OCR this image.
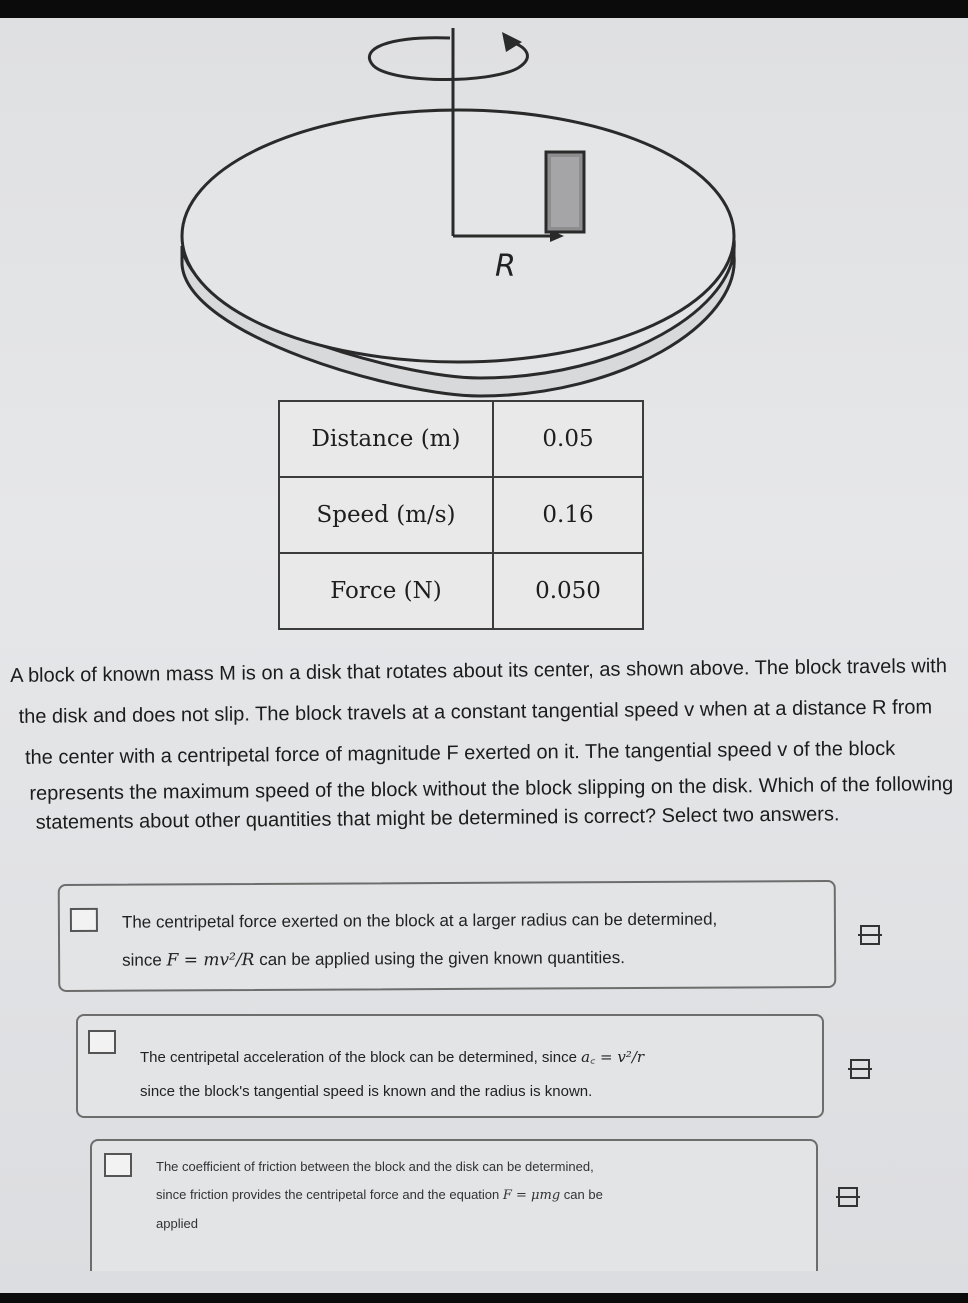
R
Distance (m)	0.05
Speed (m/s)	0.16
Force (N)	0.050

A block of known mass M is on a disk that rotates about its center, as shown above. The block travels with

the disk and does not slip. The block travels at a constant tangential speed v when at a distance R from

the center with a centripetal force of magnitude F exerted on it. The tangential speed v of the block

represents the maximum speed of the block without the block slipping on the disk. Which of the following

statements about other quantities that might be determined is correct? Select two answers.

The centripetal force exerted on the block at a larger radius can be determined,
since F = mv²/R can be applied using the given known quantities.
The centripetal acceleration of the block can be determined, since a꜀ = v²/r
since the block's tangential speed is known and the radius is known.
The coefficient of friction between the block and the disk can be determined,
since friction provides the centripetal force and the equation F = μmg can be
applied
